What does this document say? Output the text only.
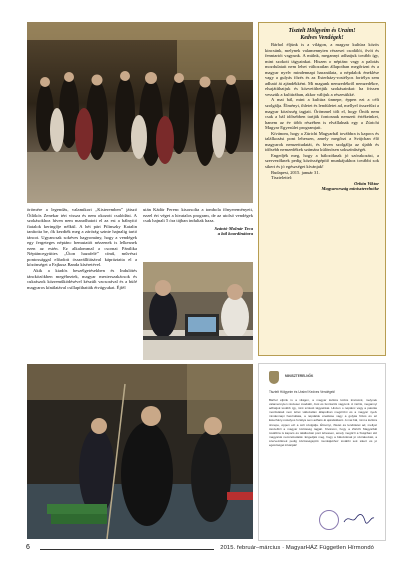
Tisztelt Hölgyeim és Uraim!
Kedves Vendégek!

Bárhol éljünk is a világon, a magyar kultúra közös kincsünk, melynek valamennyien részesei csodálói, ővói és fenntartói vagyunk. A múlnk, megannyi adhatjuk tovább így, mint szokott tágyainkat. Hiszen o néptánc vagy a palotás mozdulatait nem lehet változatlan állapotban megőrizni és a magyar nyelv mindennapi használata, a népdalok éneklése vagy a gulyás főzés és az Esterházy-rostélyos fortélya sem adható át ajándékként. Mi magunk nemzedékről nemzedékre, elsajátíthatjuk és közvetíthetjük szokásainkat: ha frissen vesszük a kultúrában, akkor váltjuk a részesükké.

A mai bál, mint a kultúra ünnepe, éppen ezt a célt szolgálja. Élményt, ihletet és lendületet ad, mellyel összefűzi a magyar közösség tagjait. Örömmel tölt el, hogy Önök nem csak a bál idősebben tartják fontosnak nemzeti értékeinket, hanem az év több részében is elvállalnak egy a Zürichi Magyar Egyesület programjait.

Kívánom, hogy a Zürichi Magyarbál továbbra is kapocs és találkozási pont lehessen, amely megőrzi a Svájcban élő magyarok nemzettudatát, és biven szolgálja az újabb és idősebb nemzedékek számára különösen sokszínűségét.

Engedjék meg, hogy a bálozóknak jó szórakozást, a szervezőknek pedig közösségépítő munkájukhoz további sok sikert és jó egészséget kívánjak!

Budapest, 2015. január 31.

Tisztelettel:

Orbán Viktor
Magyarország miniszterelnöke

örömére a legendás, valamikori „Kisteremben” játszó Ötlökös Zenekar tért vissza és nem okozott csalódást. A szokásokhoz híven nem maradhatott el az est a bálnyitó fiatalok keringője nélkül. A hét párt Pilinszky Katalin tanította be, ők kezdték meg a zárórág szinte hajnalig tartó táncot. Ugyancsak sokéves hagyomány, hogy a vendégek egy fergeteges néptánc bemutatót nézzenek is lelkesnek ezen az estén. Ez alkalommal a csornai Pántlika Néptáncegyüttes „Úton hazafelé” című, művészi pontossággal előadott összeállításával kápráztatta el a közönséget a Fajkusz Banda kíséretével.

Akik a kiadós beszélgetésekben és Indulótés táncközökben megéheztek, magyar mesterszakácsok és cukrászok közreműködésével készült vacsorával és a büfé magyaros kínálatával csillapíthatták étvágyukat. Éjfél

után Kádár Ferenc kisorsolta a tombola főnyereményeit, ezzel ért véget a hivatalos program, de az utolsó vendégek csak hajnali 5 óra tájban indultak haza.

Szántó-Molnár Teca
a bál koordinátora
MINISZTERELNÖK
Tisztelt Hölgyeim és Uraim! Kedves Vendégek!
Bárhol éljünk is a világon, a magyar kultúra közös kincsünk, melynek valamennyien részesei csodálói, ővói és fenntartói vagyunk. A múlnk, megannyi adhatjuk tovább így, mint szokott tágyainkat. Hiszen o néptánc vagy a palotás mozdulatait nem lehet változatlan állapotban megőrizni és a magyar nyelv mindennapi használata, a népdalok éneklése vagy a gulyás főzés és az Esterházy-rostélyos fortélya sem adható át ajándékként. A mai bál, mint a kultúra ünnepe, éppen ezt a célt szolgálja. Élményt, ihletet és lendületet ad, mellyel összefűzi a magyar közösség tagjait. Kívánom, hogy a Zürichi Magyarbál továbbra is kapocs és találkozási pont lehessen, amely megőrzi a Svájcban élő magyarok nemzettudatát. Engedjék meg, hogy a bálozóknak jó szórakozást, a szervezőknek pedig közösségépítő munkájukhoz további sok sikert és jó egészséget kívánjak!
6	2015. február–március · MagyarHÁZ Független Hírmondó
